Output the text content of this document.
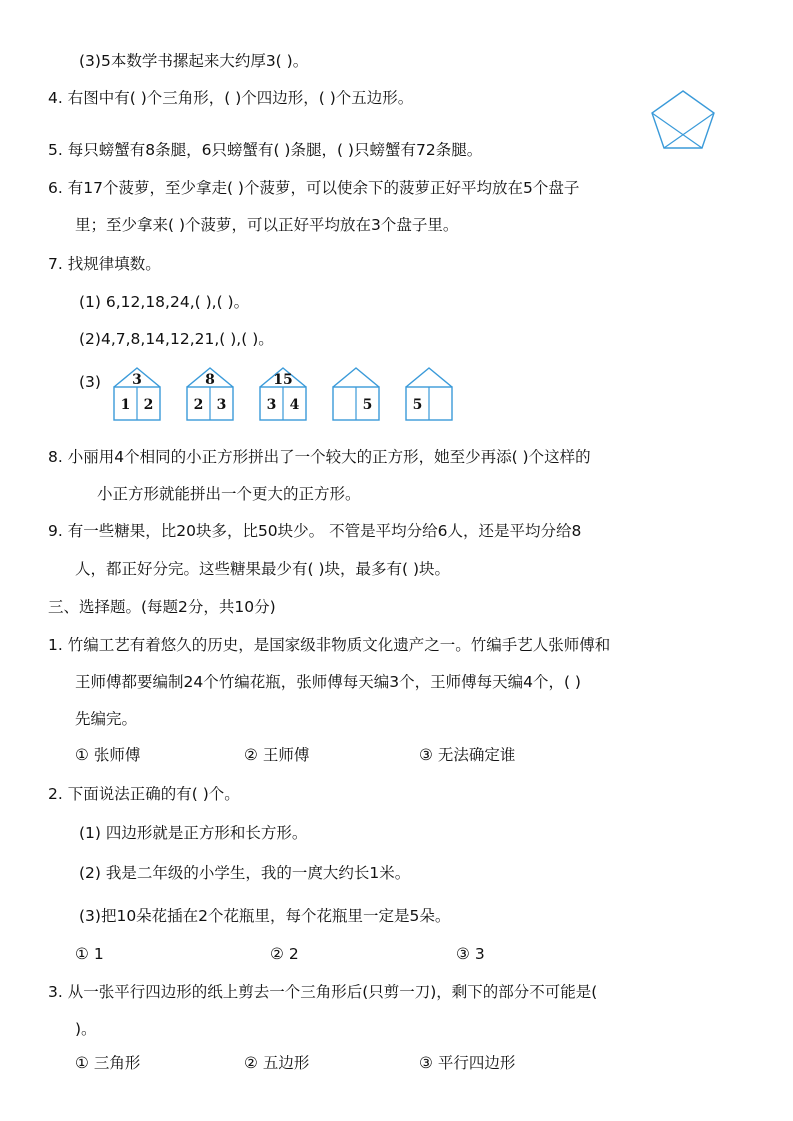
(3)5本数学书摞起来大约厚3( )。
4. 右图中有( )个三角形，( )个四边形，( )个五边形。
5. 每只螃蟹有8条腿，6只螃蟹有( )条腿，( )只螃蟹有72条腿。
6. 有17个菠萝，至少拿走( )个菠萝，可以使余下的菠萝正好平均放在5个盘子
里；至少拿来( )个菠萝，可以正好平均放在3个盘子里。
7. 找规律填数。
(1) 6,12,18,24,( ),( )。
(2)4,7,8,14,12,21,( ),( )。
(3)
8. 小丽用4个相同的小正方形拼出了一个较大的正方形，她至少再添( )个这样的
小正方形就能拼出一个更大的正方形。
9. 有一些糖果，比20块多，比50块少。 不管是平均分给6人，还是平均分给8
人，都正好分完。这些糖果最少有( )块，最多有( )块。
三、选择题。(每题2分，共10分)
1. 竹编工艺有着悠久的历史，是国家级非物质文化遗产之一。竹编手艺人张师傅和
王师傅都要编制24个竹编花瓶，张师傅每天编3个，王师傅每天编4个，( )
先编完。
① 张师傅	② 王师傅	③ 无法确定谁
2. 下面说法正确的有( )个。
(1) 四边形就是正方形和长方形。
(2) 我是二年级的小学生，我的一庹大约长1米。
(3)把10朵花插在2个花瓶里，每个花瓶里一定是5朵。
① 1	② 2	③ 3
3. 从一张平行四边形的纸上剪去一个三角形后(只剪一刀)，剩下的部分不可能是(
)。
① 三角形	② 五边形	③ 平行四边形
3
1 2
8
2 3
15
3 4	5	5
